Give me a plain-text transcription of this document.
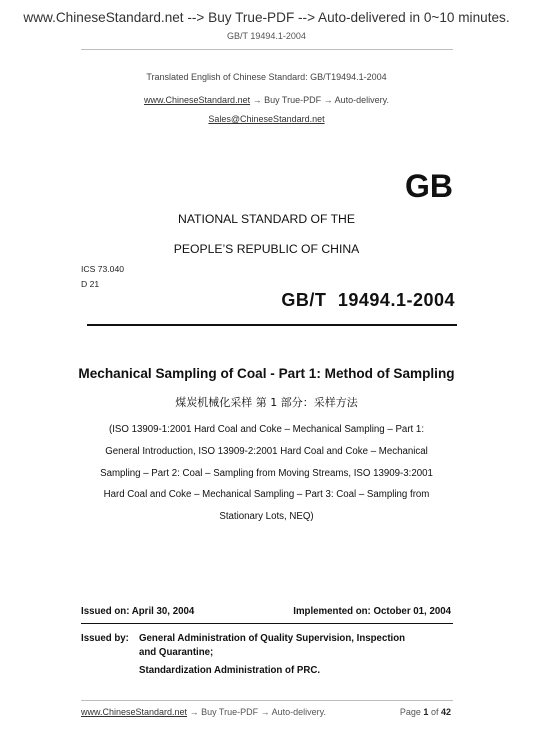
www.ChineseStandard.net --> Buy True-PDF --> Auto-delivered in 0~10 minutes.
GB/T 19494.1-2004
Translated English of Chinese Standard: GB/T19494.1-2004
www.ChineseStandard.net → Buy True-PDF → Auto-delivery.
Sales@ChineseStandard.net
GB
NATIONAL STANDARD OF THE
PEOPLE’S REPUBLIC OF CHINA
ICS 73.040
D 21
GB/T 19494.1-2004
Mechanical Sampling of Coal - Part 1: Method of Sampling
煤炭机械化采样 第 1 部分：采样方法
(ISO 13909-1:2001 Hard Coal and Coke – Mechanical Sampling – Part 1:
General Introduction, ISO 13909-2:2001 Hard Coal and Coke – Mechanical
Sampling – Part 2: Coal – Sampling from Moving Streams, ISO 13909-3:2001
Hard Coal and Coke – Mechanical Sampling – Part 3: Coal – Sampling from
Stationary Lots, NEQ)
Issued on: April 30, 2004	Implemented on: October 01, 2004
Issued by: General Administration of Quality Supervision, Inspection
and Quarantine;
Standardization Administration of PRC.
www.ChineseStandard.net → Buy True-PDF → Auto-delivery.	Page 1 of 42
